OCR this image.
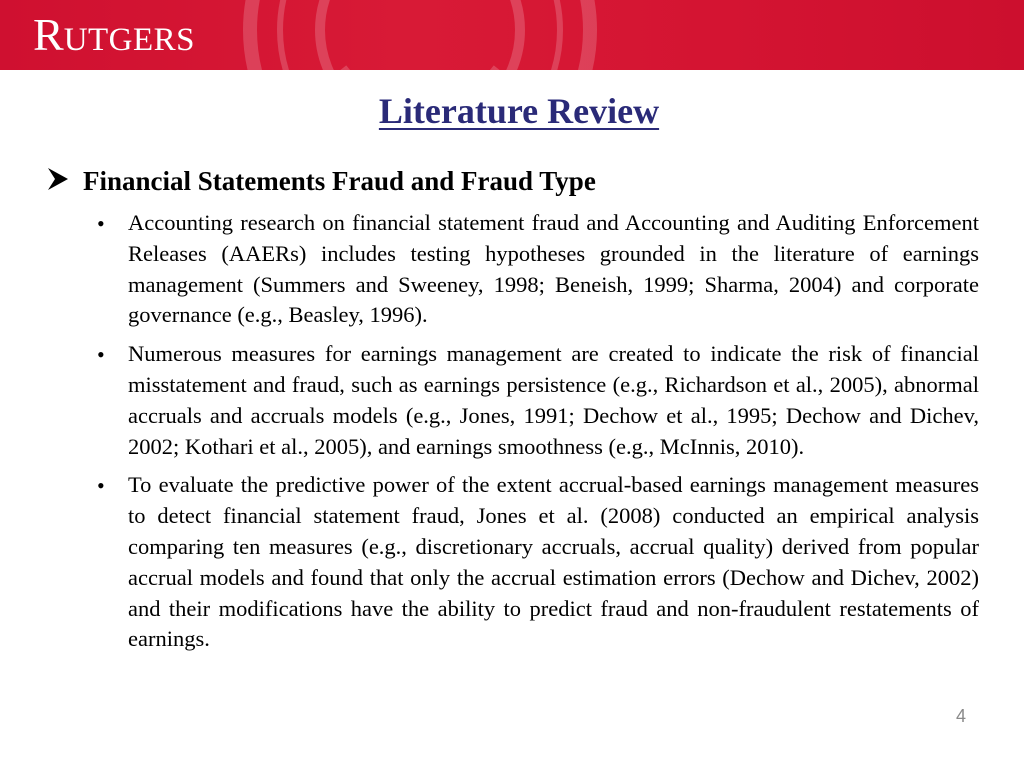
RUTGERS
Literature Review
Financial Statements Fraud and Fraud Type
• Accounting research on financial statement fraud and Accounting and Auditing Enforcement Releases (AAERs) includes testing hypotheses grounded in the literature of earnings management (Summers and Sweeney, 1998; Beneish, 1999; Sharma, 2004) and corporate governance (e.g., Beasley, 1996).
• Numerous measures for earnings management are created to indicate the risk of financial misstatement and fraud, such as earnings persistence (e.g., Richardson et al., 2005), abnormal accruals and accruals models (e.g., Jones, 1991; Dechow et al., 1995; Dechow and Dichev, 2002; Kothari et al., 2005), and earnings smoothness (e.g., McInnis, 2010).
• To evaluate the predictive power of the extent accrual-based earnings management measures to detect financial statement fraud, Jones et al. (2008) conducted an empirical analysis comparing ten measures (e.g., discretionary accruals, accrual quality) derived from popular accrual models and found that only the accrual estimation errors (Dechow and Dichev, 2002) and their modifications have the ability to predict fraud and non-fraudulent restatements of earnings.
4
